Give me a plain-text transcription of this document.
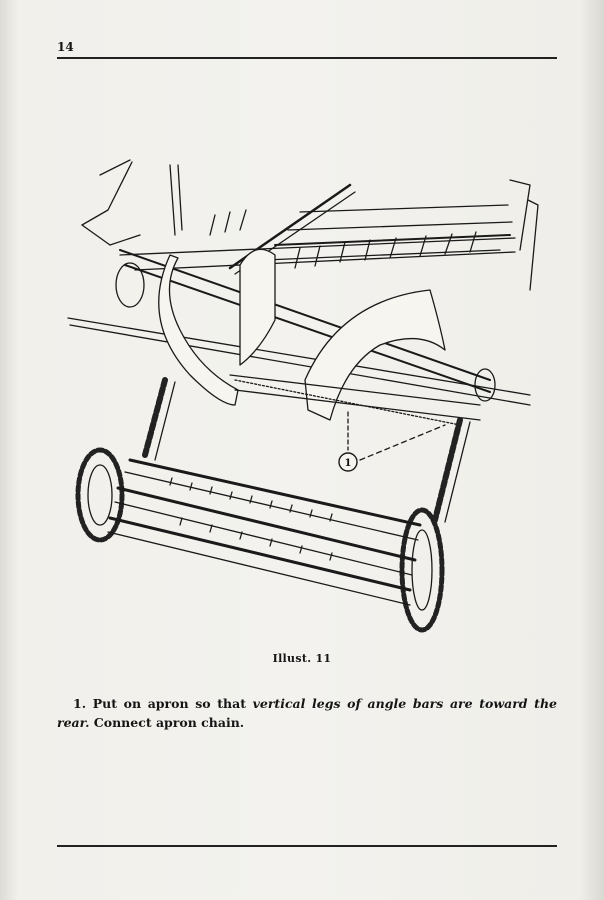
14
1
Illust. 11
1. Put on apron so that vertical legs of angle bars are toward the rear. Connect apron chain.
